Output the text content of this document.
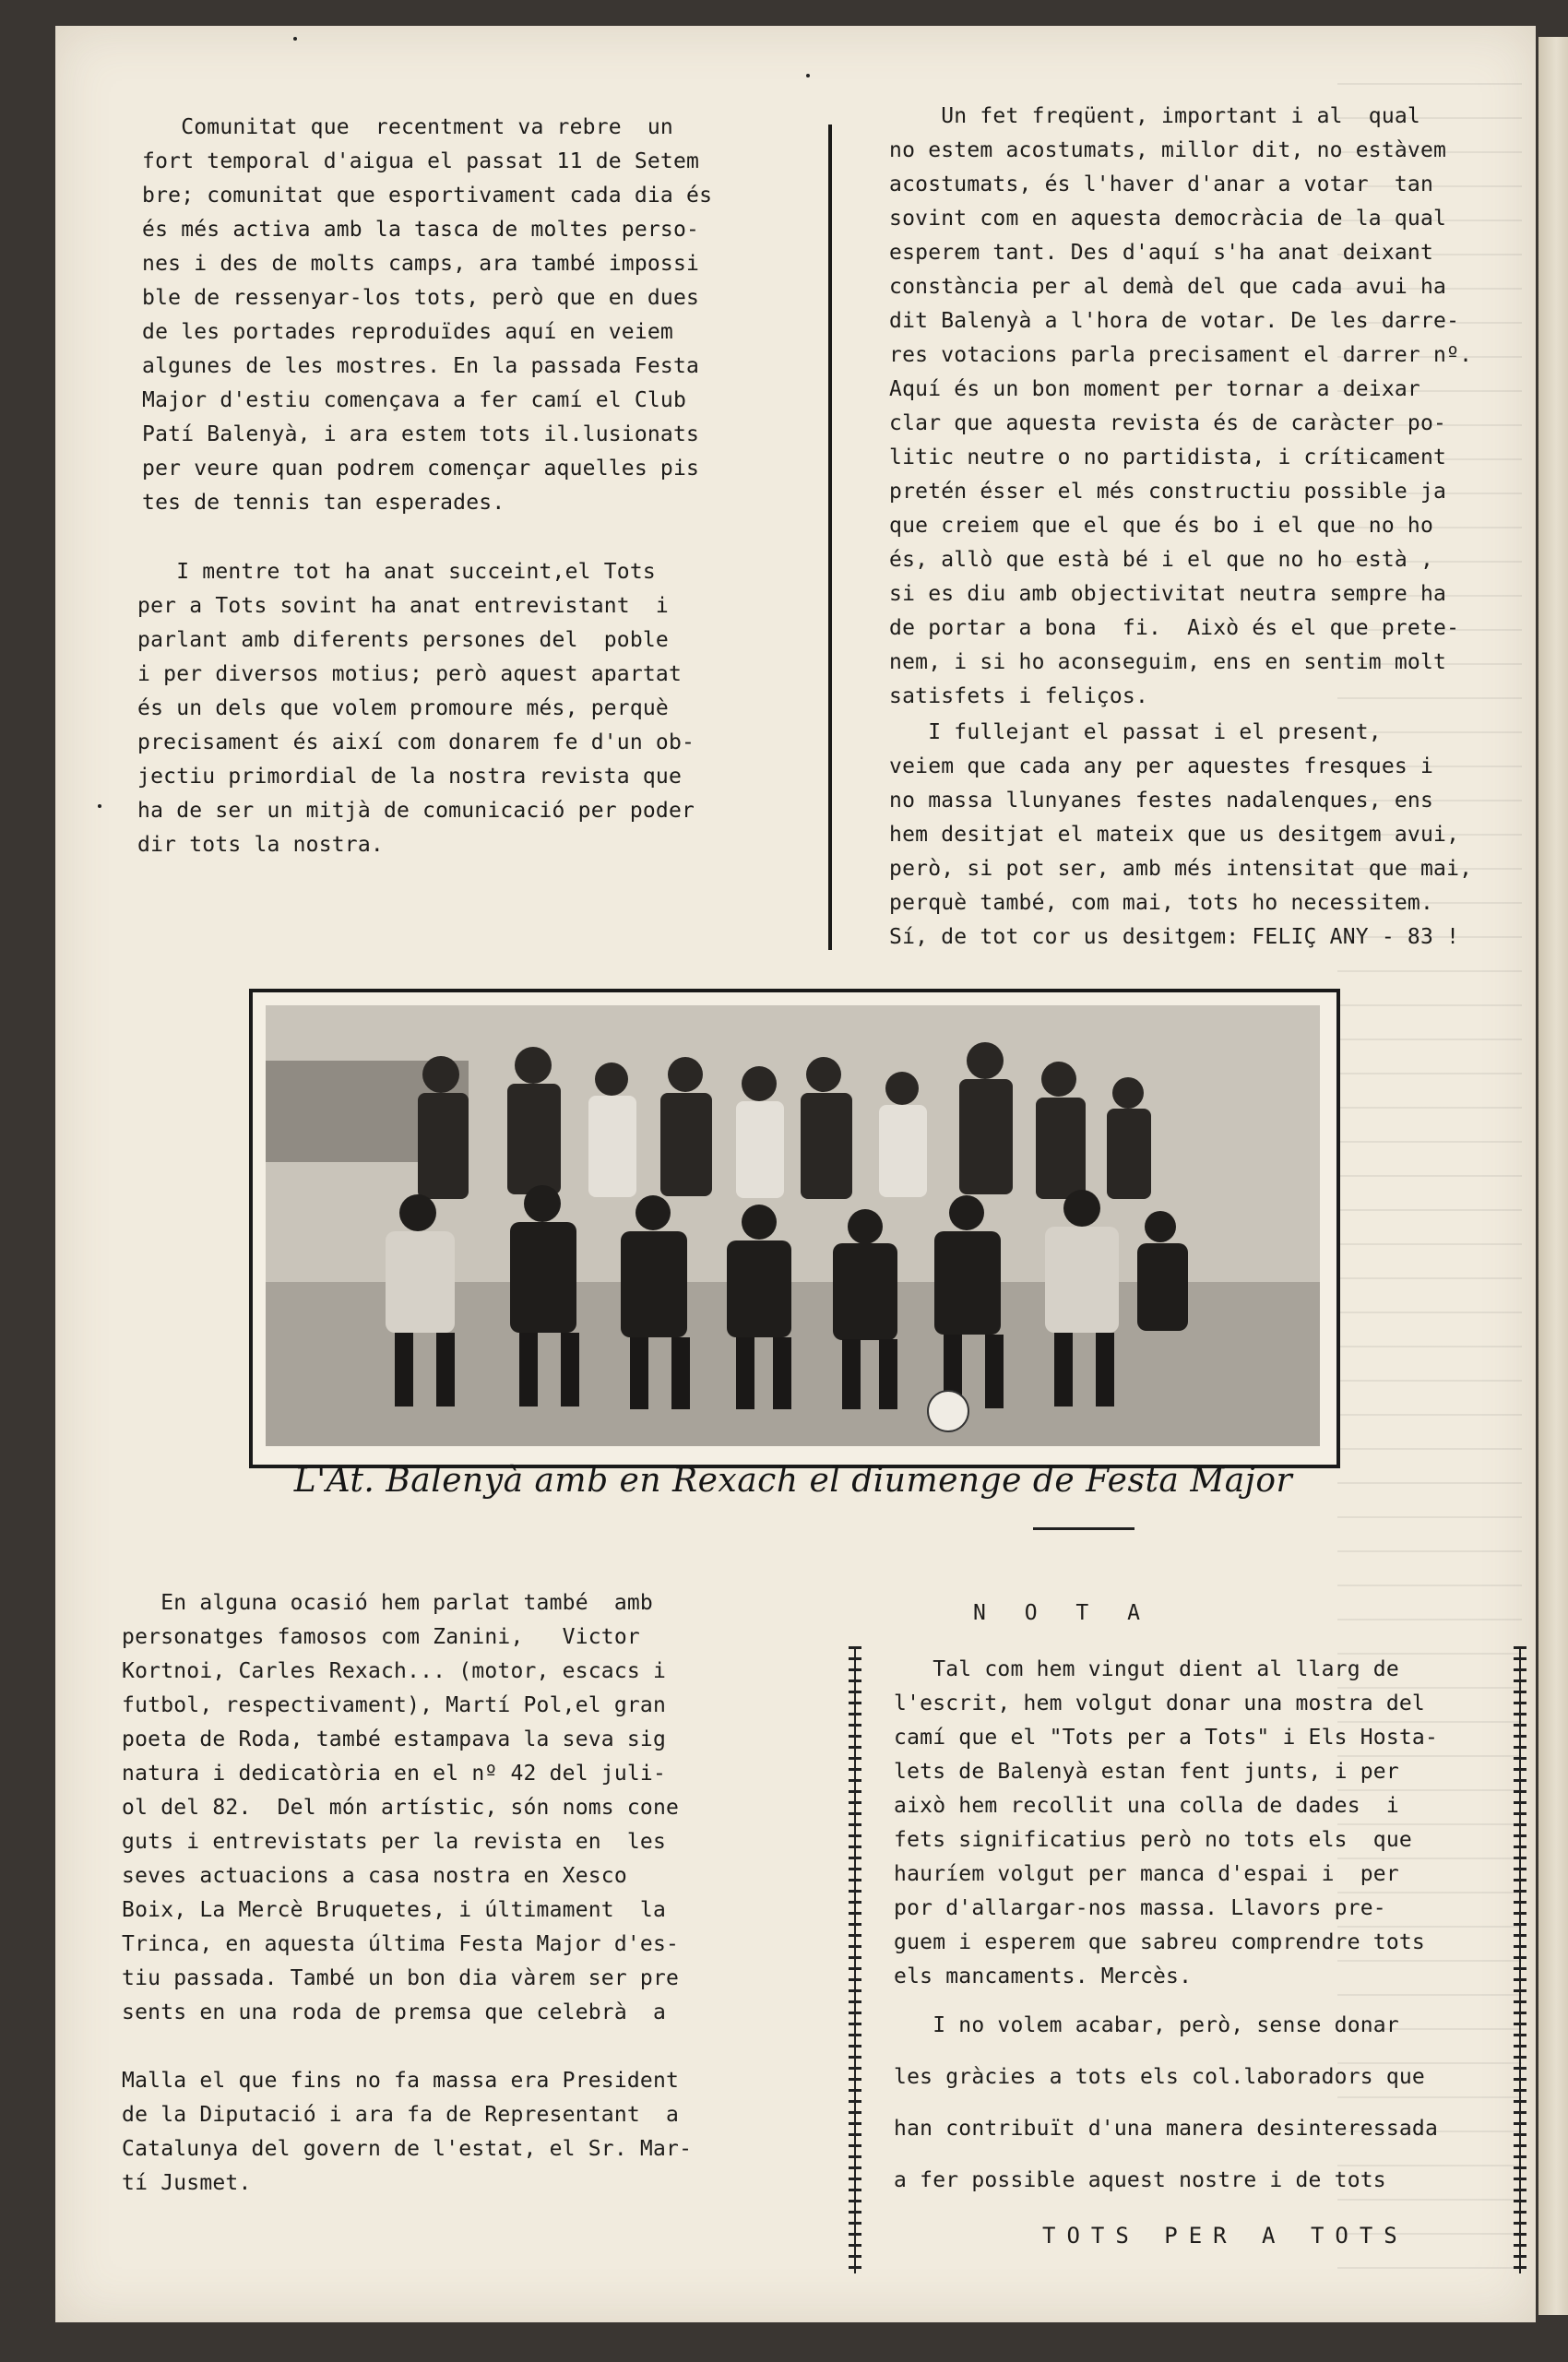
Comunitat que  recentment va rebre  un
fort temporal d'aigua el passat 11 de Setem
bre; comunitat que esportivament cada dia és
és més activa amb la tasca de moltes perso-
nes i des de molts camps, ara també impossi
ble de ressenyar-los tots, però que en dues
de les portades reproduïdes aquí en veiem
algunes de les mostres. En la passada Festa
Major d'estiu començava a fer camí el Club
Patí Balenyà, i ara estem tots il.lusionats
per veure quan podrem començar aquelles pis
tes de tennis tan esperades.
I mentre tot ha anat succeint,el Tots
per a Tots sovint ha anat entrevistant  i
parlant amb diferents persones del  poble
i per diversos motius; però aquest apartat
és un dels que volem promoure més, perquè
precisament és així com donarem fe d'un ob-
jectiu primordial de la nostra revista que
ha de ser un mitjà de comunicació per poder
dir tots la nostra.
Un fet freqüent, important i al  qual
no estem acostumats, millor dit, no estàvem
acostumats, és l'haver d'anar a votar  tan
sovint com en aquesta democràcia de la qual
esperem tant. Des d'aquí s'ha anat deixant
constància per al demà del que cada avui ha
dit Balenyà a l'hora de votar. De les darre-
res votacions parla precisament el darrer nº.
Aquí és un bon moment per tornar a deixar
clar que aquesta revista és de caràcter po-
litic neutre o no partidista, i críticament
pretén ésser el més constructiu possible ja
que creiem que el que és bo i el que no ho
és, allò que està bé i el que no ho està ,
si es diu amb objectivitat neutra sempre ha
de portar a bona  fi.  Això és el que prete-
nem, i si ho aconseguim, ens en sentim molt
satisfets i feliços.
I fullejant el passat i el present,
veiem que cada any per aquestes fresques i
no massa llunyanes festes nadalenques, ens
hem desitjat el mateix que us desitgem avui,
però, si pot ser, amb més intensitat que mai,
perquè també, com mai, tots ho necessitem.
Sí, de tot cor us desitgem: FELIÇ ANY - 83 !
L'At. Balenyà amb en Rexach el diumenge de Festa Major
En alguna ocasió hem parlat també  amb
personatges famosos com Zanini,   Victor
Kortnoi, Carles Rexach... (motor, escacs i
futbol, respectivament), Martí Pol,el gran
poeta de Roda, també estampava la seva sig
natura i dedicatòria en el nº 42 del juli-
ol del 82.  Del món artístic, són noms cone
guts i entrevistats per la revista en  les
seves actuacions a casa nostra en Xesco
Boix, La Mercè Bruquetes, i últimament  la
Trinca, en aquesta última Festa Major d'es-
tiu passada. També un bon dia vàrem ser pre
sents en una roda de premsa que celebrà  a

Malla el que fins no fa massa era President
de la Diputació i ara fa de Representant  a
Catalunya del govern de l'estat, el Sr. Mar-
tí Jusmet.
N O T A
Tal com hem vingut dient al llarg de
l'escrit, hem volgut donar una mostra del
camí que el "Tots per a Tots" i Els Hosta-
lets de Balenyà estan fent junts, i per
això hem recollit una colla de dades  i
fets significatius però no tots els  que
hauríem volgut per manca d'espai i  per
por d'allargar-nos massa. Llavors pre-
guem i esperem que sabreu comprendre tots
els mancaments. Mercès.
I no volem acabar, però, sense donar

les gràcies a tots els col.laboradors que

han contribuït d'una manera desinteressada

a fer possible aquest nostre i de tots
TOTS PER A TOTS
